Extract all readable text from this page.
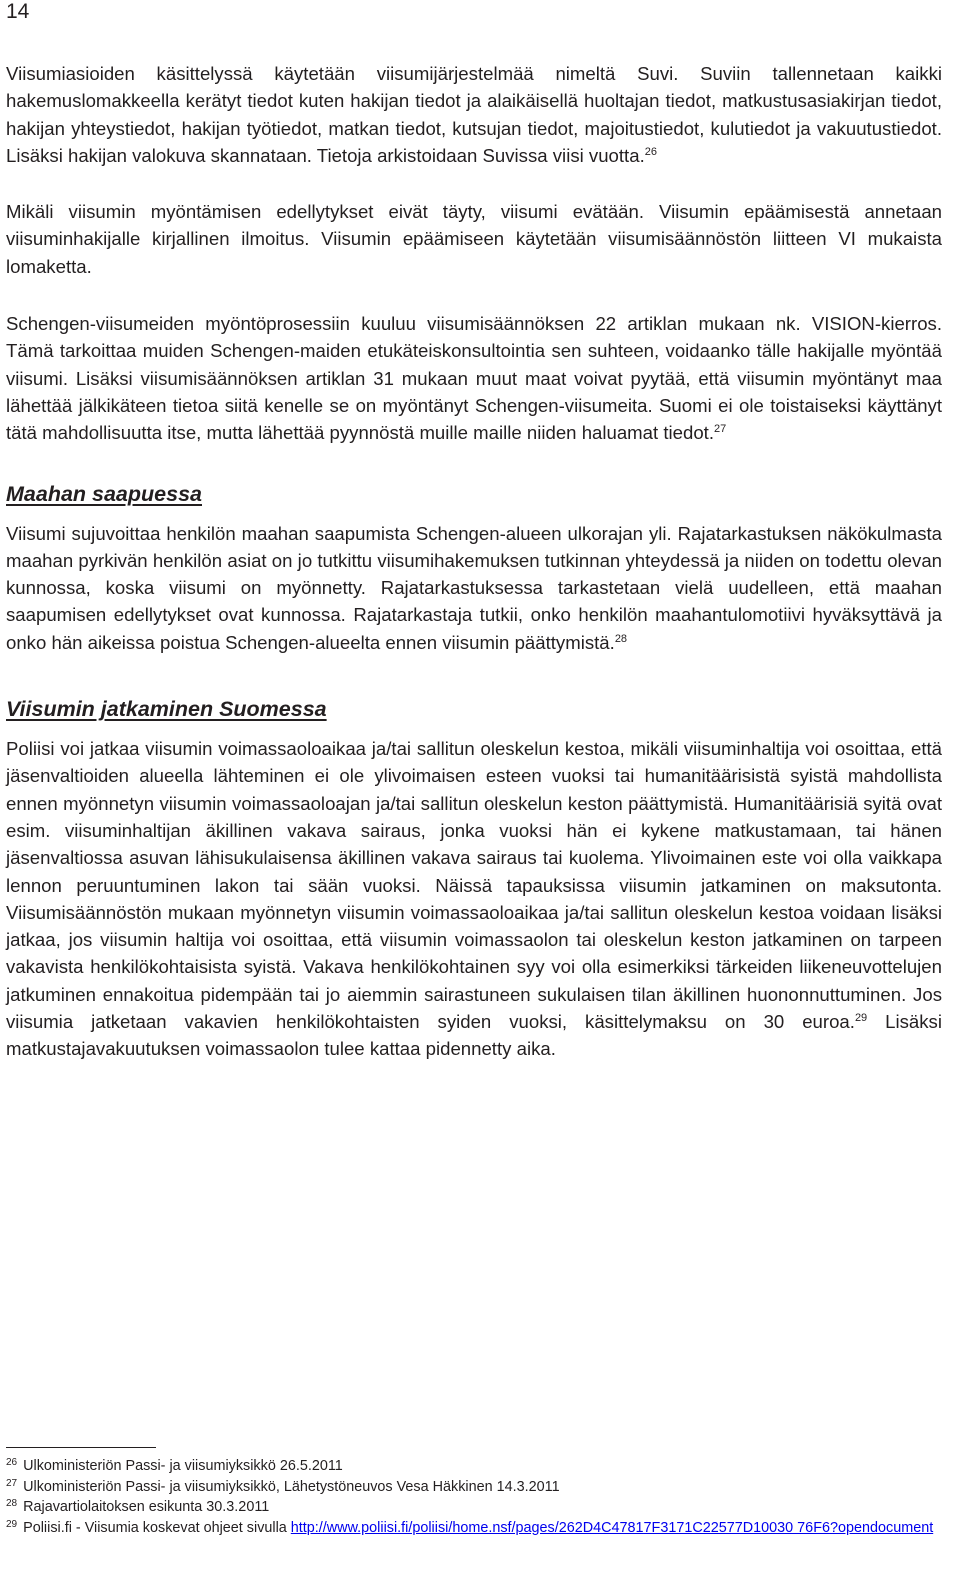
14

Viisumiasioiden käsittelyssä käytetään viisumijärjestelmää nimeltä Suvi. Suviin tallennetaan kaikki hakemuslomakkeella kerätyt tiedot kuten hakijan tiedot ja alaikäisellä huoltajan tiedot, matkustusasiakirjan tiedot, hakijan yhteystiedot, hakijan työtiedot, matkan tiedot, kutsujan tiedot, majoitustiedot, kulutiedot ja vakuutustiedot. Lisäksi hakijan valokuva skannataan. Tietoja arkistoidaan Suvissa viisi vuotta.$^{26}$

Mikäli viisumin myöntämisen edellytykset eivät täyty, viisumi evätään. Viisumin epäämisestä annetaan viisuminhakijalle kirjallinen ilmoitus. Viisumin epäämiseen käytetään viisumisäännöstön liitteen VI mukaista lomaketta.

Schengen-viisumeiden myöntöprosessiin kuuluu viisumisäännöksen 22 artiklan mukaan nk. VISION-kierros. Tämä tarkoittaa muiden Schengen-maiden etukäteiskonsultointia sen suhteen, voidaanko tälle hakijalle myöntää viisumi. Lisäksi viisumisäännöksen artiklan 31 mukaan muut maat voivat pyytää, että viisumin myöntänyt maa lähettää jälkikäteen tietoa siitä kenelle se on myöntänyt Schengen-viisumeita. Suomi ei ole toistaiseksi käyttänyt tätä mahdollisuutta itse, mutta lähettää pyynnöstä muille maille niiden haluamat tiedot.$^{27}$

Maahan saapuessa

Viisumi sujuvoittaa henkilön maahan saapumista Schengen-alueen ulkorajan yli. Rajatarkastuksen näkökulmasta maahan pyrkivän henkilön asiat on jo tutkittu viisumihakemuksen tutkinnan yhteydessä ja niiden on todettu olevan kunnossa, koska viisumi on myönnetty. Rajatarkastuksessa tarkastetaan vielä uudelleen, että maahan saapumisen edellytykset ovat kunnossa. Rajatarkastaja tutkii, onko henkilön maahantulomotiivi hyväksyttävä ja onko hän aikeissa poistua Schengen-alueelta ennen viisumin päättymistä.$^{28}$

Viisumin jatkaminen Suomessa

Poliisi voi jatkaa viisumin voimassaoloaikaa ja/tai sallitun oleskelun kestoa, mikäli viisuminhaltija voi osoittaa, että jäsenvaltioiden alueella lähteminen ei ole ylivoimaisen esteen vuoksi tai humanitäärisistä syistä mahdollista ennen myönnetyn viisumin voimassaoloajan ja/tai sallitun oleskelun keston päättymistä. Humanitäärisiä syitä ovat esim. viisuminhaltijan äkillinen vakava sairaus, jonka vuoksi hän ei kykene matkustamaan, tai hänen jäsenvaltiossa asuvan lähisukulaisensa äkillinen vakava sairaus tai kuolema. Ylivoimainen este voi olla vaikkapa lennon peruuntuminen lakon tai sään vuoksi. Näissä tapauksissa viisumin jatkaminen on maksutonta. Viisumisäännöstön mukaan myönnetyn viisumin voimassaoloaikaa ja/tai sallitun oleskelun kestoa voidaan lisäksi jatkaa, jos viisumin haltija voi osoittaa, että viisumin voimassaolon tai oleskelun keston jatkaminen on tarpeen vakavista henkilökohtaisista syistä. Vakava henkilökohtainen syy voi olla esimerkiksi tärkeiden liikeneuvottelujen jatkuminen ennakoitua pidempään tai jo aiemmin sairastuneen sukulaisen tilan äkillinen huononnuttuminen. Jos viisumia jatketaan vakavien henkilökohtaisten syiden vuoksi, käsittelymaksu on 30 euroa.$^{29}$ Lisäksi matkustajavakuutuksen voimassaolon tulee kattaa pidennetty aika.

$^{26}$ Ulkoministeriön Passi- ja viisumiyksikkö 26.5.2011
$^{27}$ Ulkoministeriön Passi- ja viisumiyksikkö, Lähetystöneuvos Vesa Häkkinen 14.3.2011
$^{28}$ Rajavartiolaitoksen esikunta 30.3.2011
$^{29}$ Poliisi.fi - Viisumia koskevat ohjeet sivulla http://www.poliisi.fi/poliisi/home.nsf/pages/262D4C47817F3171C22577D10030 76F6?opendocument
